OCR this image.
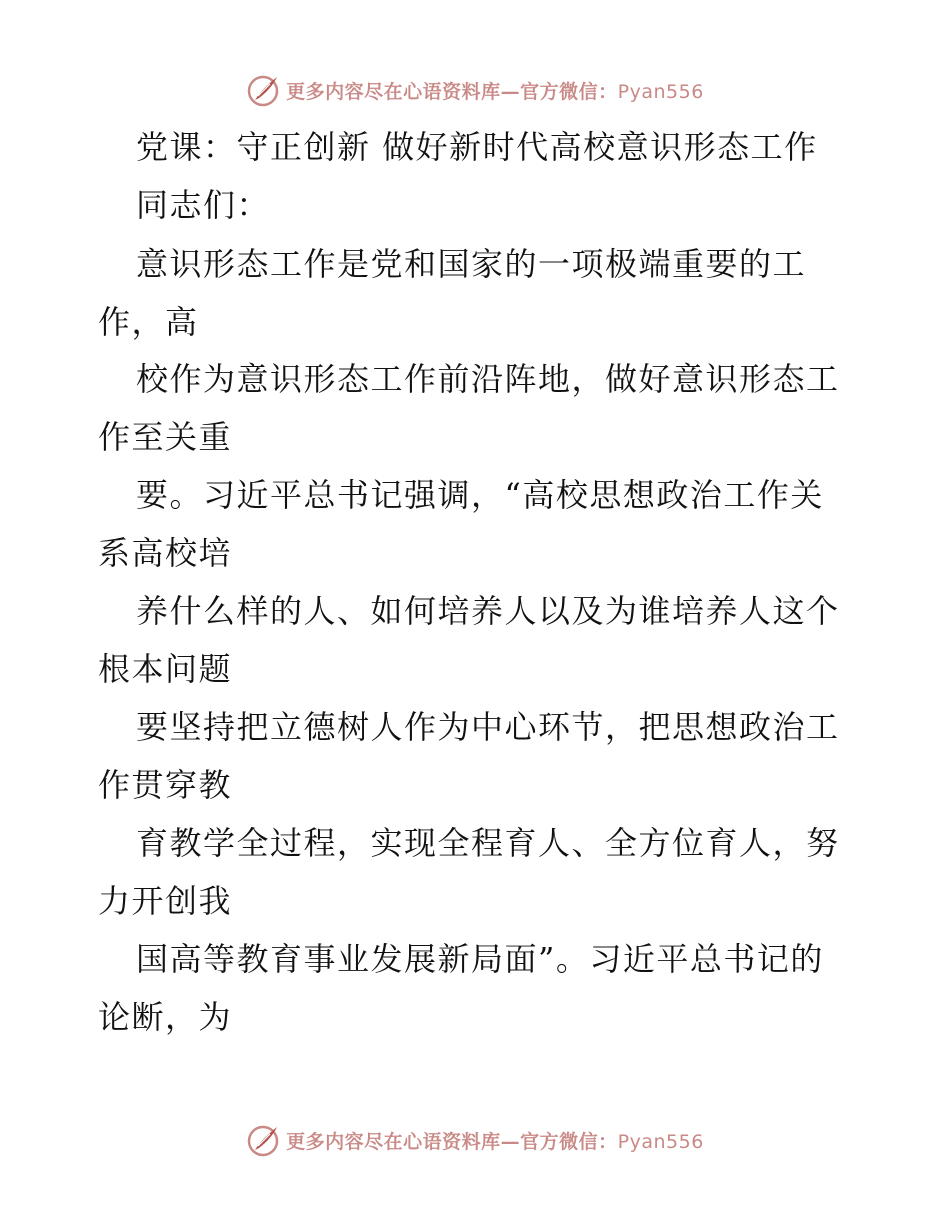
更多内容尽在心语资料库—官方微信：Pyan556
党课：守正创新 做好新时代高校意识形态工作
同志们：
意识形态工作是党和国家的一项极端重要的工
作，高
校作为意识形态工作前沿阵地，做好意识形态工
作至关重
要。习近平总书记强调，“高校思想政治工作关
系高校培
养什么样的人、如何培养人以及为谁培养人这个
根本问题
要坚持把立德树人作为中心环节，把思想政治工
作贯穿教
育教学全过程，实现全程育人、全方位育人，努
力开创我
国高等教育事业发展新局面”。习近平总书记的
论断，为
更多内容尽在心语资料库—官方微信：Pyan556
